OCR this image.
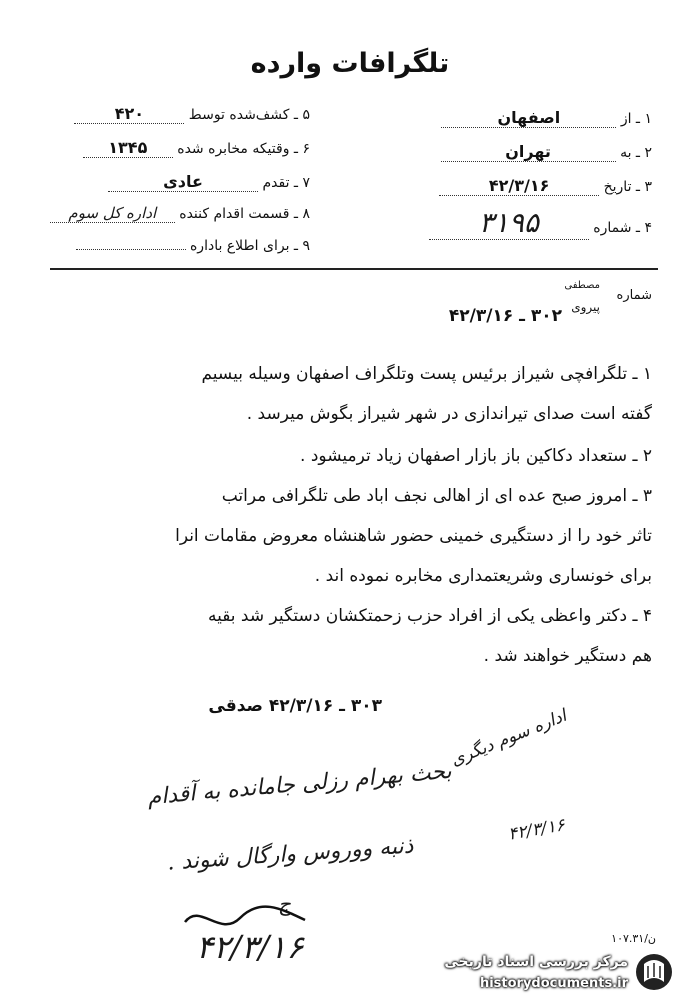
تلگرافات وارده
۱ ـ از اصفهان
۲ ـ به تهران
۳ ـ تاریخ ۴۲/۳/۱۶
۴ ـ شماره ۳۱۹۵
۵ ـ کشف‌شده توسط ۴۲۰
۶ ـ وقتیکه مخابره شده ۱۳۴۵
۷ ـ تقدم عادی
۸ ـ قسمت اقدام کننده اداره کل سوم
۹ ـ برای اطلاع باداره
شماره
مصطفی
پیروی
۳۰۲ ـ ۴۲/۳/۱۶
۱ ـ تلگرافچی شیراز برئیس پست وتلگراف اصفهان وسیله بیسیم
گفته است صدای تیراندازی در شهر شیراز بگوش میرسد .
۲ ـ ستعداد دکاکین باز بازار اصفهان زیاد ترمیشود .
۳ ـ امروز صبح عده ای از اهالی نجف اباد طی تلگرافی مراتب
تاثر خود را از دستگیری خمینی حضور شاهنشاه معروض مقامات انرا
برای خونساری وشریعتمداری مخابره نموده اند .
۴ ـ دکتر واعظی یکی از افراد حزب زحمتکشان دستگیر شد بقیه
هم دستگیر خواهند شد .
۳۰۳ ـ ۴۲/۳/۱۶ صدقی	اداره سوم دیگری
۴۲/۳/۱۶
بحث بهرام رزلی جامانده به آقدام
ذنبه ووروس وارگال شوند .
ج
۴۲/۳/۱۶	ن/۱۰۷.۳۱
مرکز بررسی اسناد تاریخی
historydocuments.ir
